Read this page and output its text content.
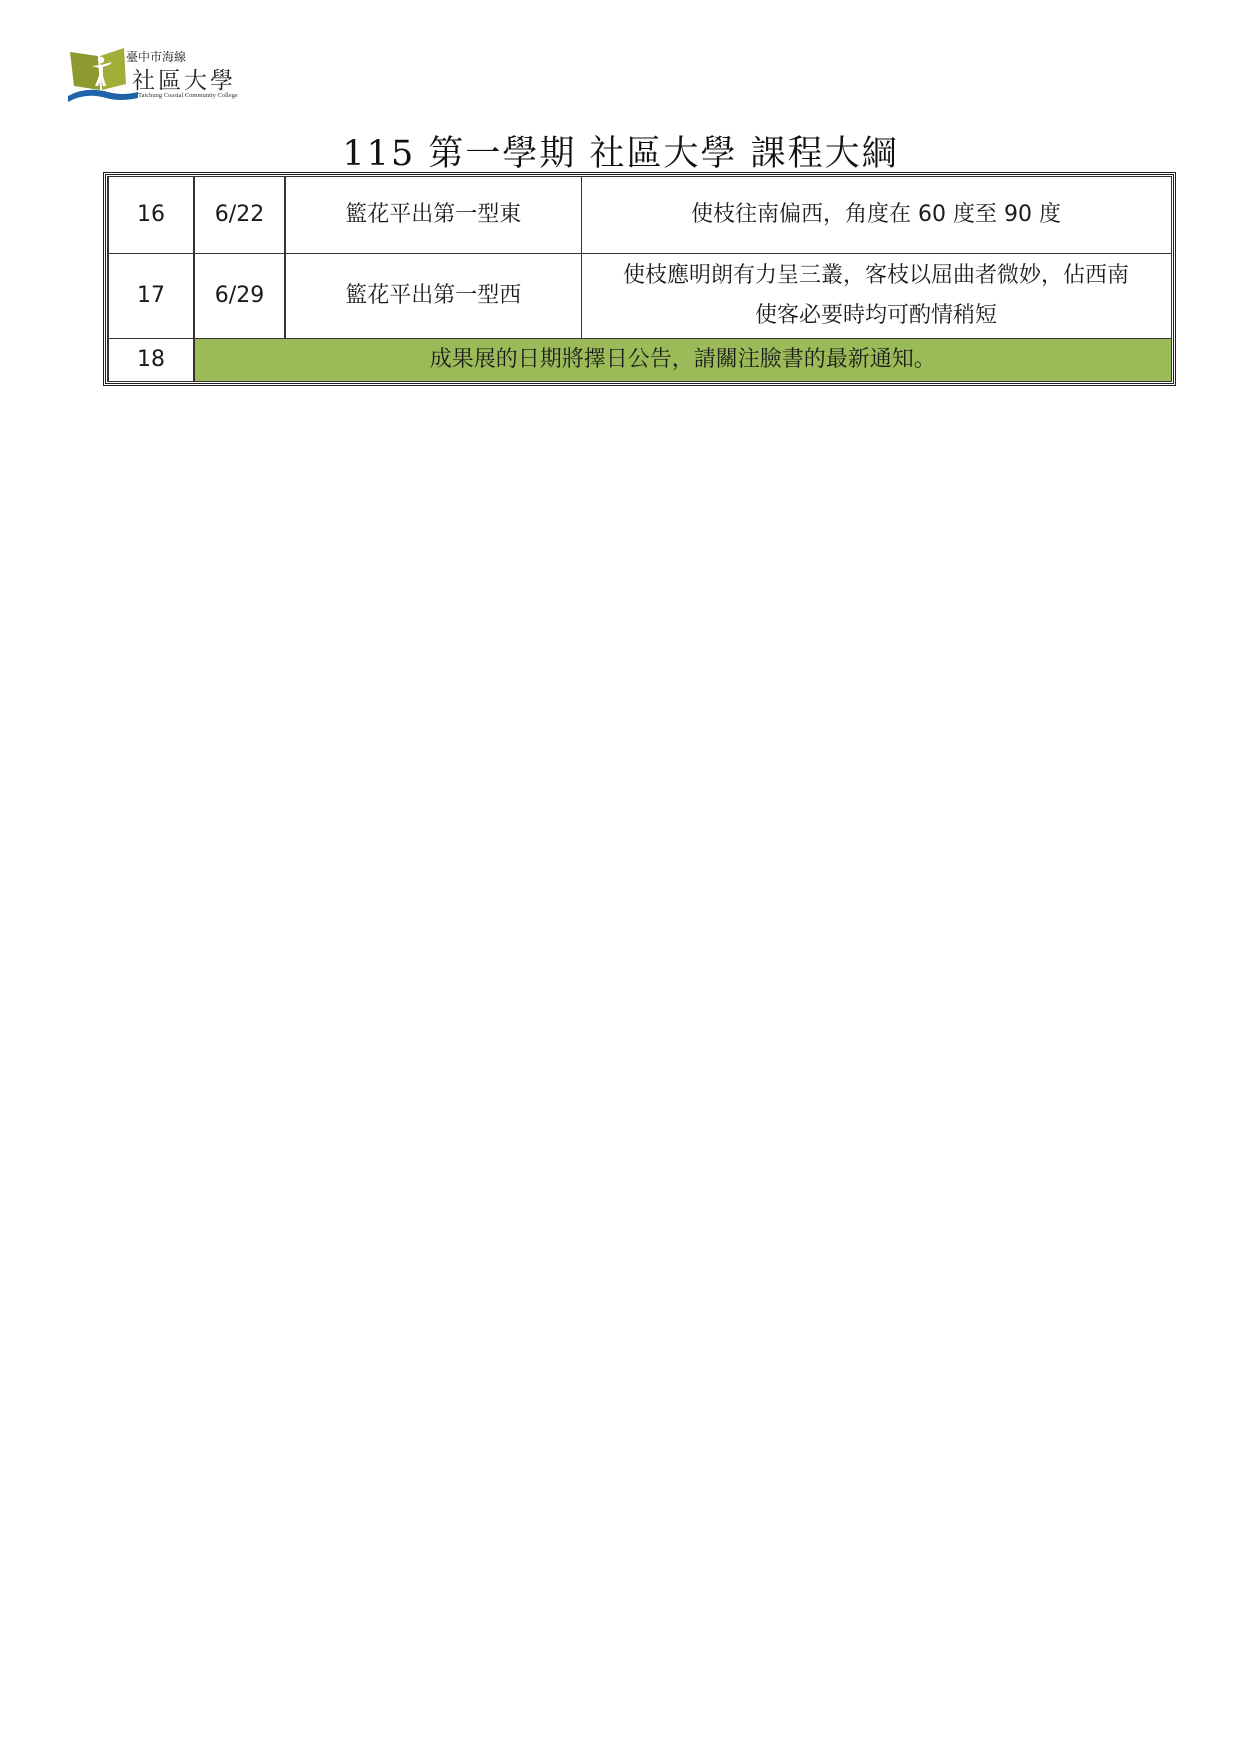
臺中市海線
社區大學
Taichung Coastal Community College
115 第一學期 社區大學 課程大綱
16	6/22	籃花平出第一型東	使枝往南偏西，角度在 60 度至 90 度

17	6/29	籃花平出第一型西	使枝應明朗有力呈三叢，客枝以屈曲者微妙，佔西南
使客必要時均可酌情稍短

18	成果展的日期將擇日公告，請關注臉書的最新通知。		
